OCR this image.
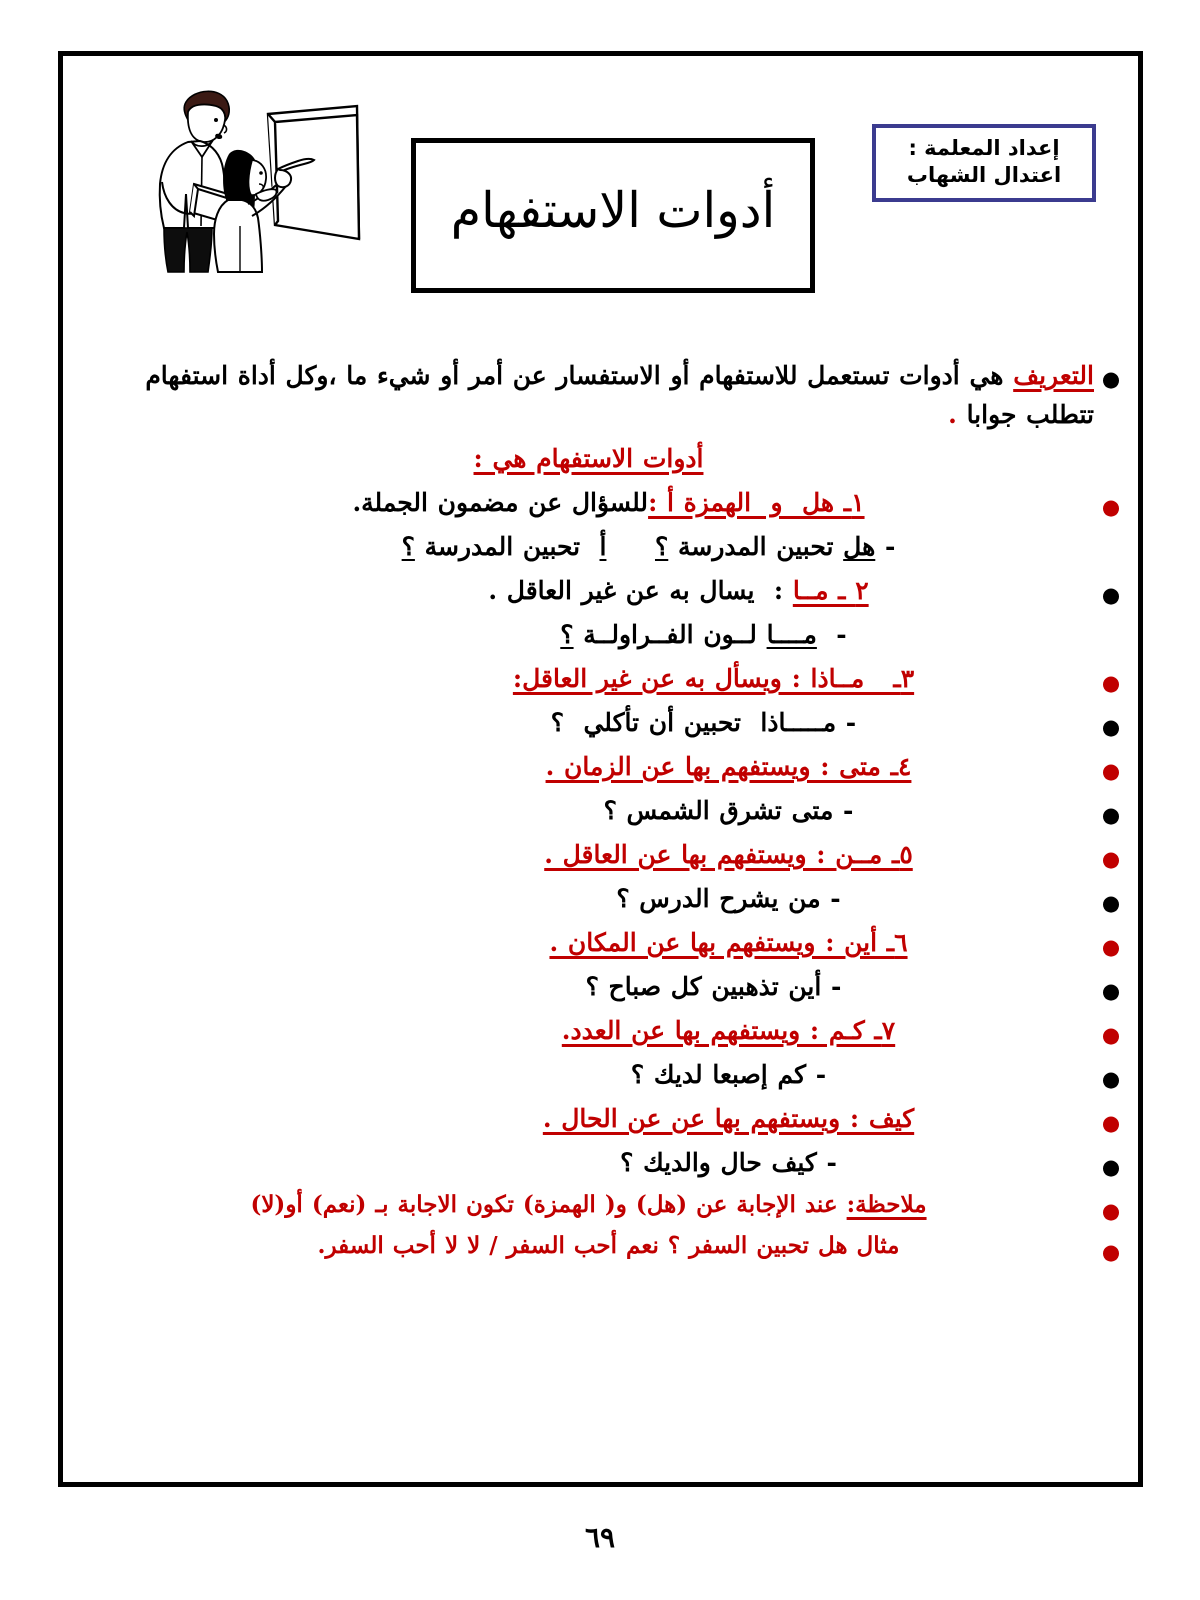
إعداد المعلمة :
اعتدال الشهاب
أدوات الاستفهام
●
التعريف هي أدوات تستعمل للاستفهام أو الاستفسار عن أمر أو شيء ما ،وكل أداة استفهام تتطلب جوابا .
أدوات الاستفهام هي :
●
١ـ هل  و  الهمزة أ :للسؤال عن مضمون الجملة.
- هل تحبين المدرسة ؟     أ  تحبين المدرسة ؟
●
٢ ـ مــا :  يسال به عن غير العاقل .
-  مــــا لــون الفــراولــة ؟
●
٣ـ   مــاذا : ويسأل به عن غير العاقل:
●
- مـــــاذا  تحبين أن تأكلي  ؟
●
٤ـ متى : ويستفهم بها عن الزمان .
●
- متى تشرق الشمس ؟
●
٥ـ مــن : ويستفهم بها عن العاقل .
●
- من يشرح الدرس ؟
●
٦ـ أين : ويستفهم بها عن المكان .
●
- أين تذهبين كل صباح ؟
●
٧ـ كـم : ويستفهم بها عن العدد.
●
- كم إصبعا لديك ؟
●
كيف : ويستفهم بها عن عن الحال .
●
- كيف حال والديك ؟
●
ملاحظة: عند الإجابة عن (هل) و( الهمزة) تكون الاجابة بـ (نعم) أو(لا)
●
مثال هل تحبين السفر ؟ نعم أحب السفر / لا لا أحب السفر.
٦٩
